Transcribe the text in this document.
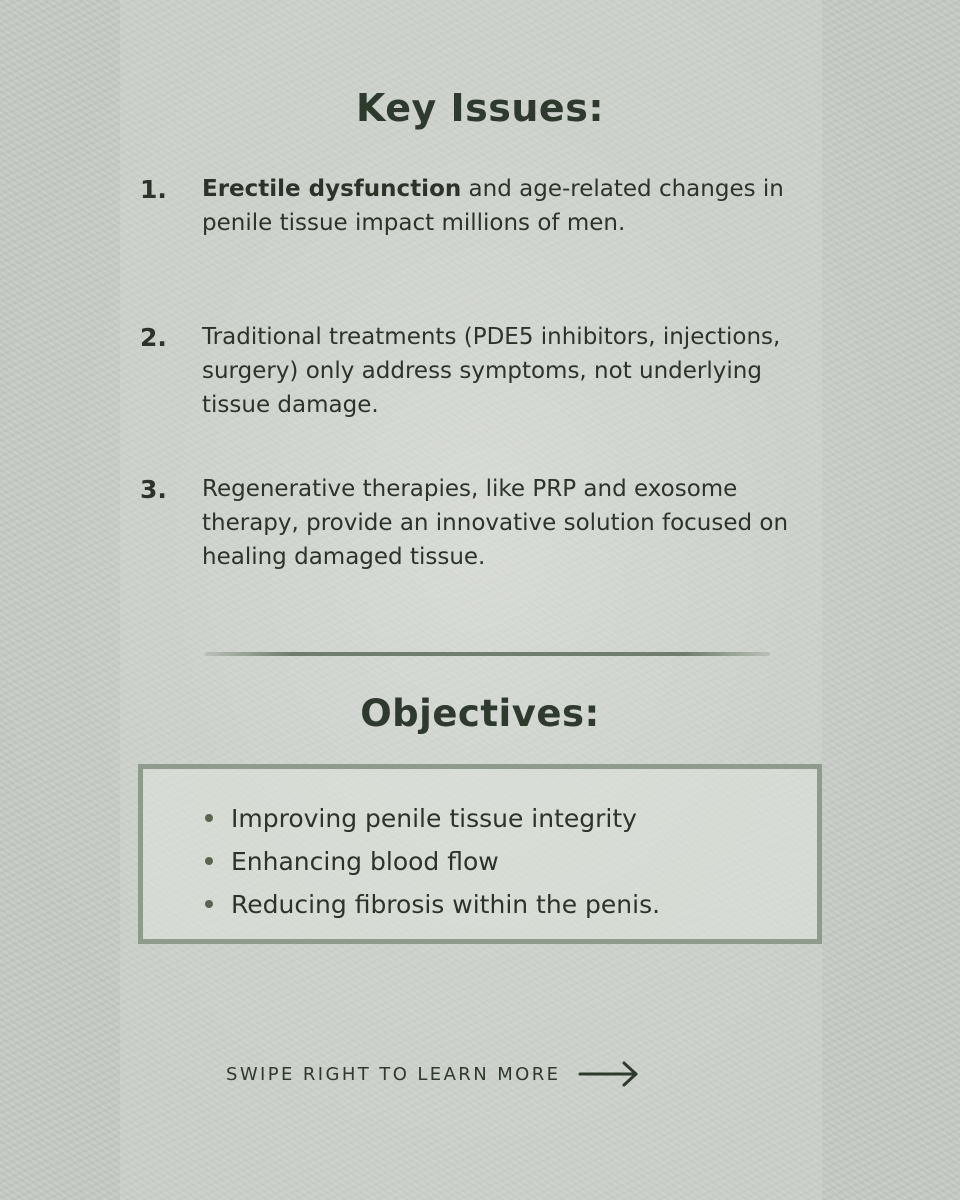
Key Issues:
1.	Erectile dysfunction and age-related changes in penile tissue impact millions of men.
2.	Traditional treatments (PDE5 inhibitors, injections, surgery) only address symptoms, not underlying tissue damage.
3.	Regenerative therapies, like PRP and exosome therapy, provide an innovative solution focused on healing damaged tissue.
Objectives:
Improving penile tissue integrity
Enhancing blood flow
Reducing fibrosis within the penis.
SWIPE RIGHT TO LEARN MORE
